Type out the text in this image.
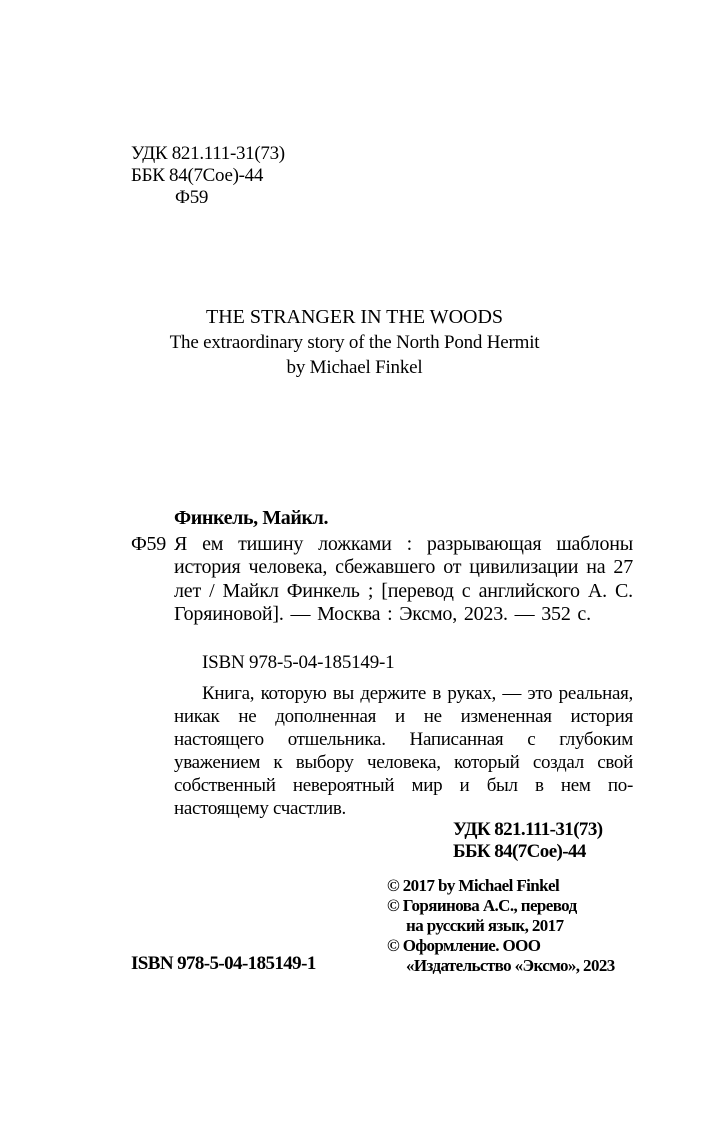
УДК 821.111-31(73)
ББК 84(7Сое)-44
Ф59
THE STRANGER IN THE WOODS
The extraordinary story of the North Pond Hermit
by Michael Finkel
Финкель, Майкл.
Ф59 Я ем тишину ложками : разрывающая шаблоны история человека, сбежавшего от цивилизации на 27 лет / Майкл Финкель ; [перевод с английского А. С. Горяиновой]. — Москва : Эксмо, 2023. — 352 с.
ISBN 978-5-04-185149-1
Книга, которую вы держите в руках, — это реальная, никак не дополненная и не измененная история настоящего отшельника. Написанная с глубоким уважением к выбору человека, который создал свой собственный невероятный мир и был в нем по-настоящему счастлив.
УДК 821.111-31(73)
ББК 84(7Сое)-44
© 2017 by Michael Finkel
© Горяинова А.С., перевод
на русский язык, 2017
© Оформление. ООО
«Издательство «Эксмо», 2023
ISBN 978-5-04-185149-1
